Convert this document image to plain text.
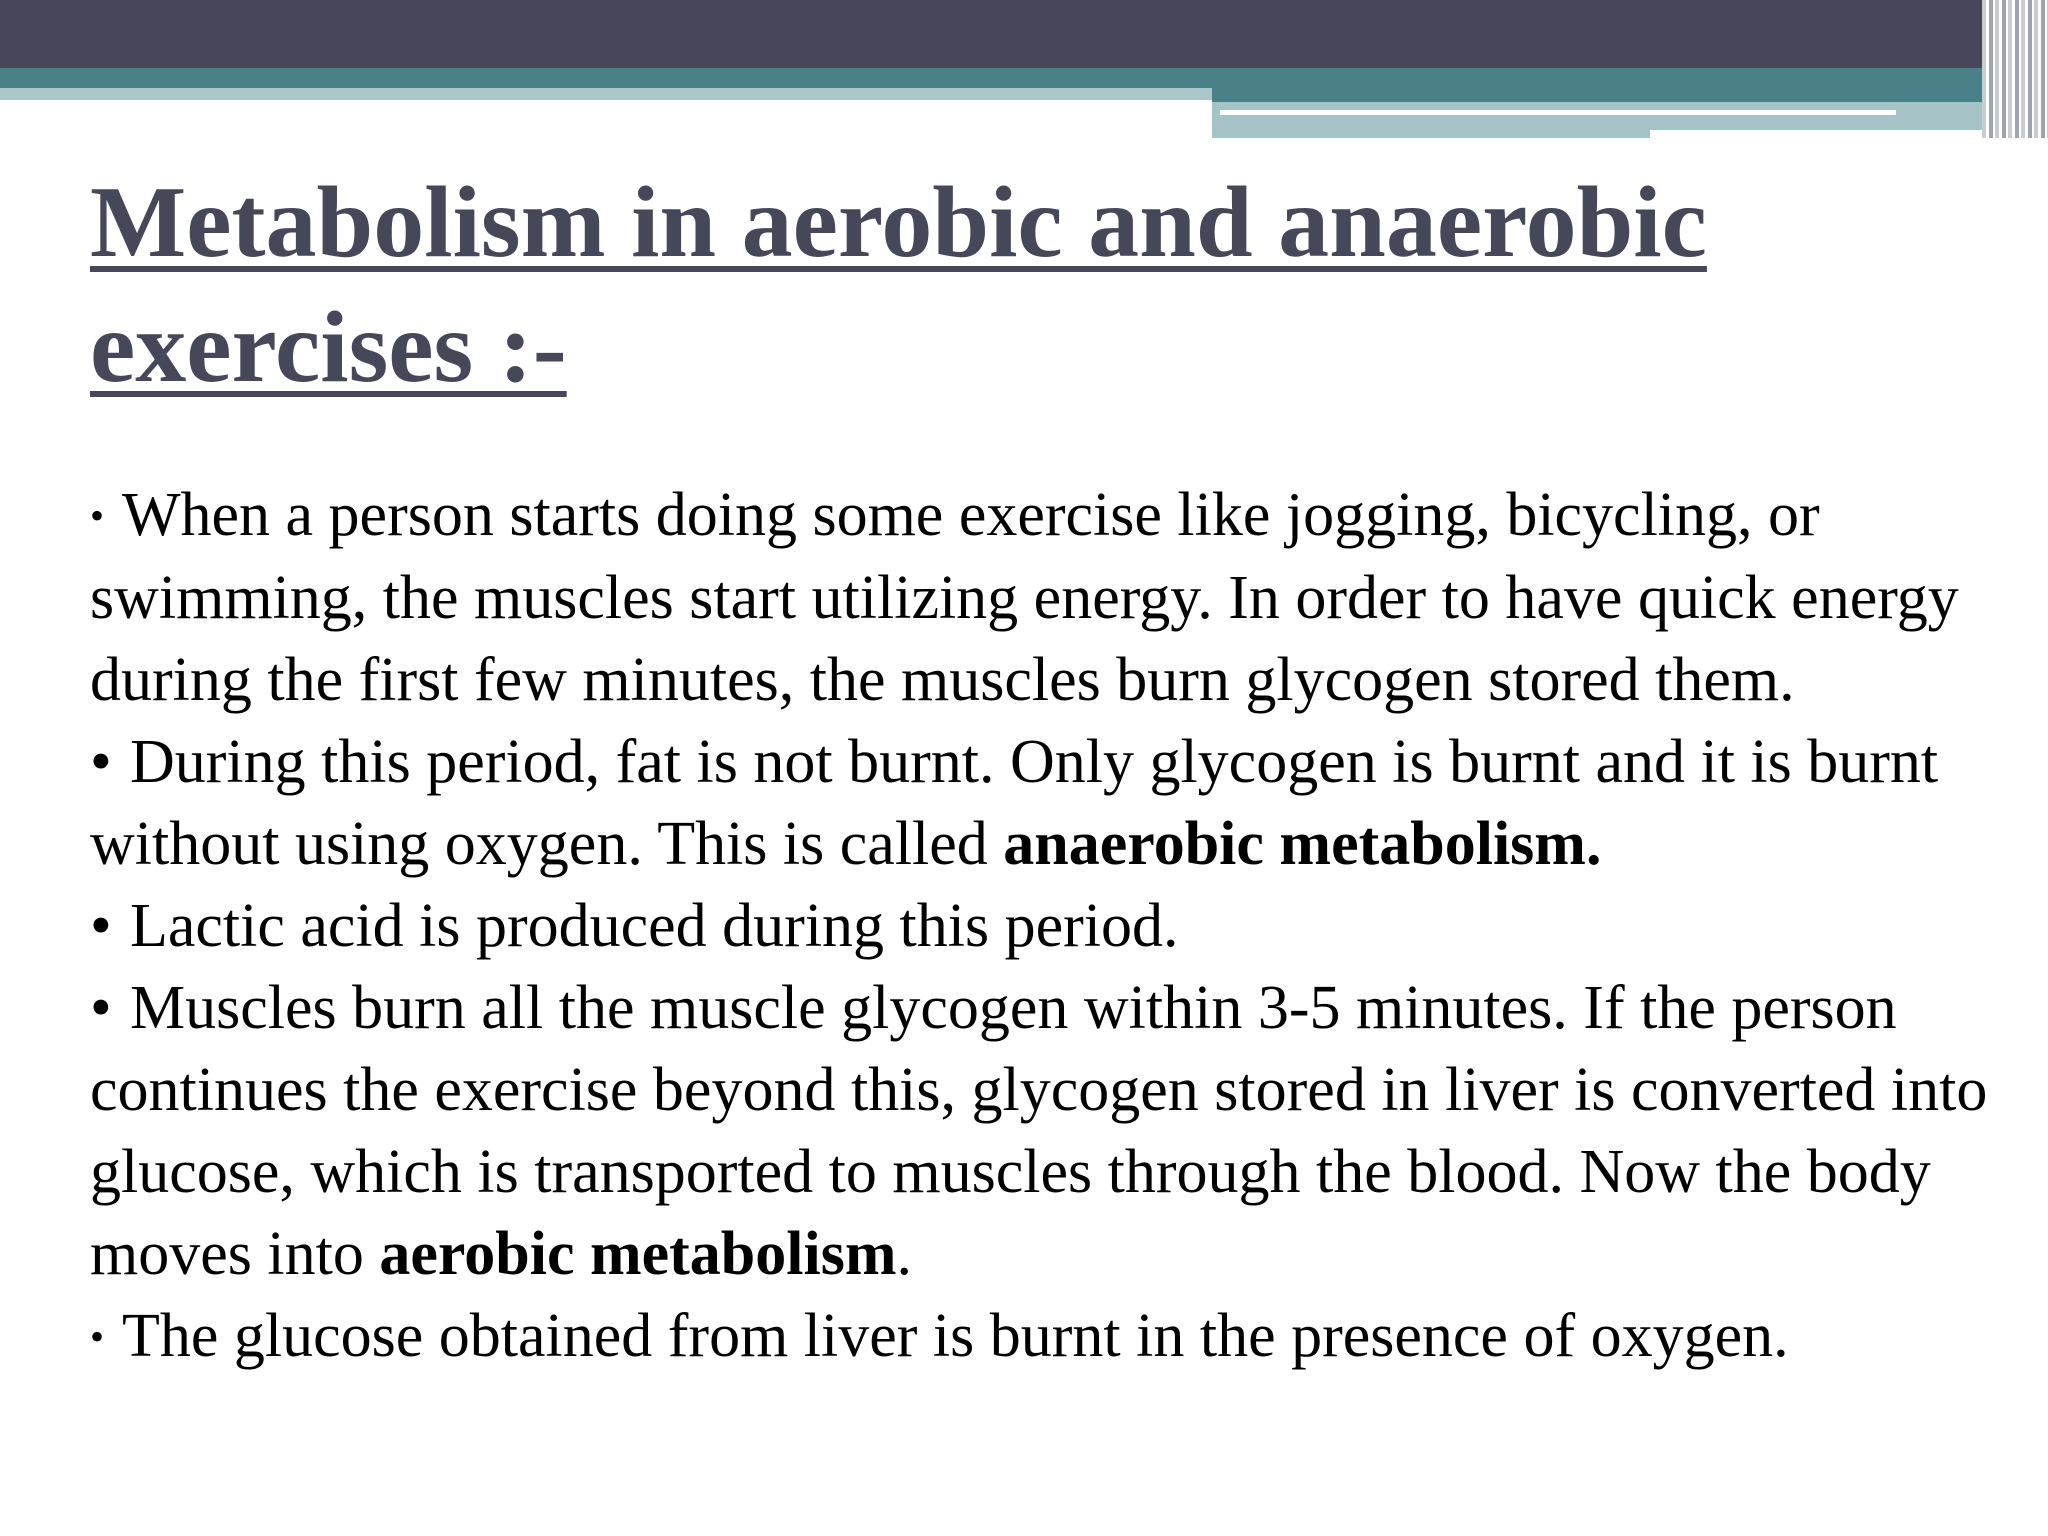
Metabolism in aerobic and anaerobic exercises :-
• When a person starts doing some exercise like jogging, bicycling, or swimming, the muscles start utilizing energy. In order to have quick energy during the first few minutes, the muscles burn glycogen stored them.
• During this period, fat is not burnt. Only glycogen is burnt and it is burnt without using oxygen. This is called anaerobic metabolism.
• Lactic acid is produced during this period.
• Muscles burn all the muscle glycogen within 3-5 minutes. If the person continues the exercise beyond this, glycogen stored in liver is converted into glucose, which is transported to muscles through the blood. Now the body moves into aerobic metabolism.
• The glucose obtained from liver is burnt in the presence of oxygen.
